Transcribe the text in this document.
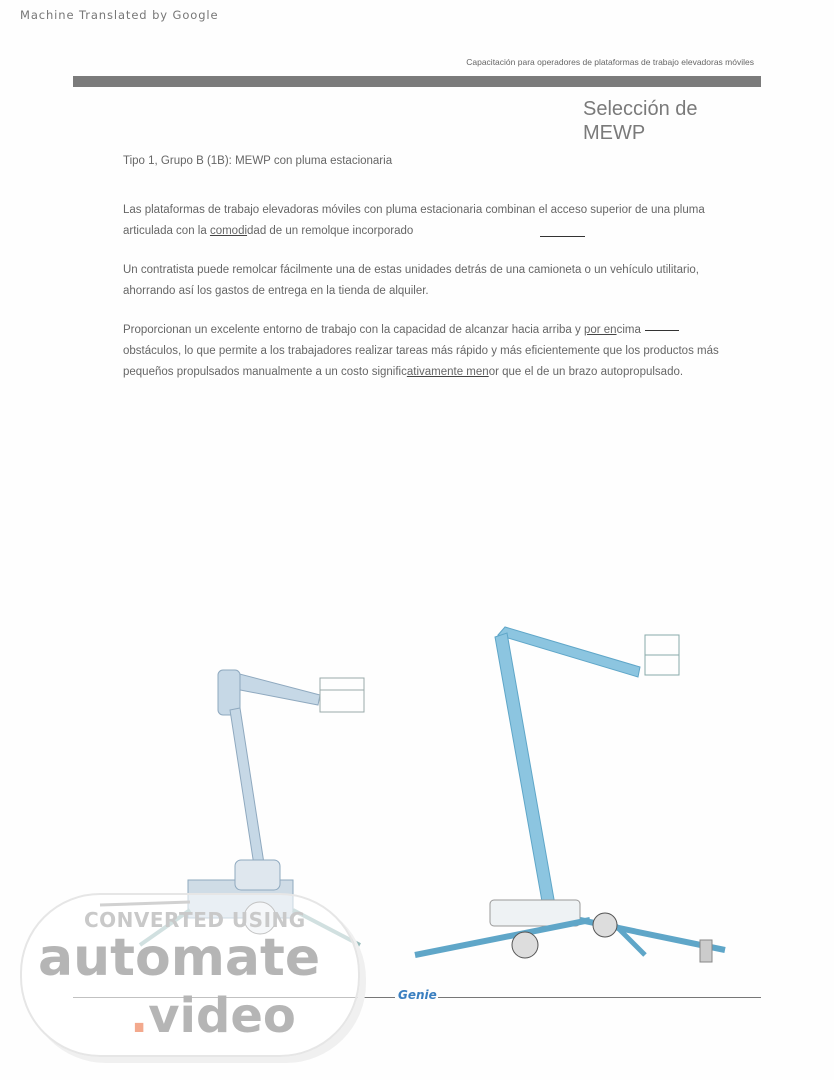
Machine Translated by Google
Capacitación para operadores de plataformas de trabajo elevadoras móviles
Selección de MEWP
Tipo 1, Grupo B (1B): MEWP con pluma estacionaria
Las plataformas de trabajo elevadoras móviles con pluma estacionaria combinan el acceso superior de una pluma articulada con la comodidad de un remolque incorporado
Un contratista puede remolcar fácilmente una de estas unidades detrás de una camioneta o un vehículo utilitario, ahorrando así los gastos de entrega en la tienda de alquiler.
Proporcionan un excelente entorno de trabajo con la capacidad de alcanzar hacia arriba y por encima obstáculos, lo que permite a los trabajadores realizar tareas más rápido y más eficientemente que los productos más pequeños propulsados manualmente a un costo significativamente menor que el de un brazo autopropulsado.
Genie
CONVERTED USING
automate
.video
